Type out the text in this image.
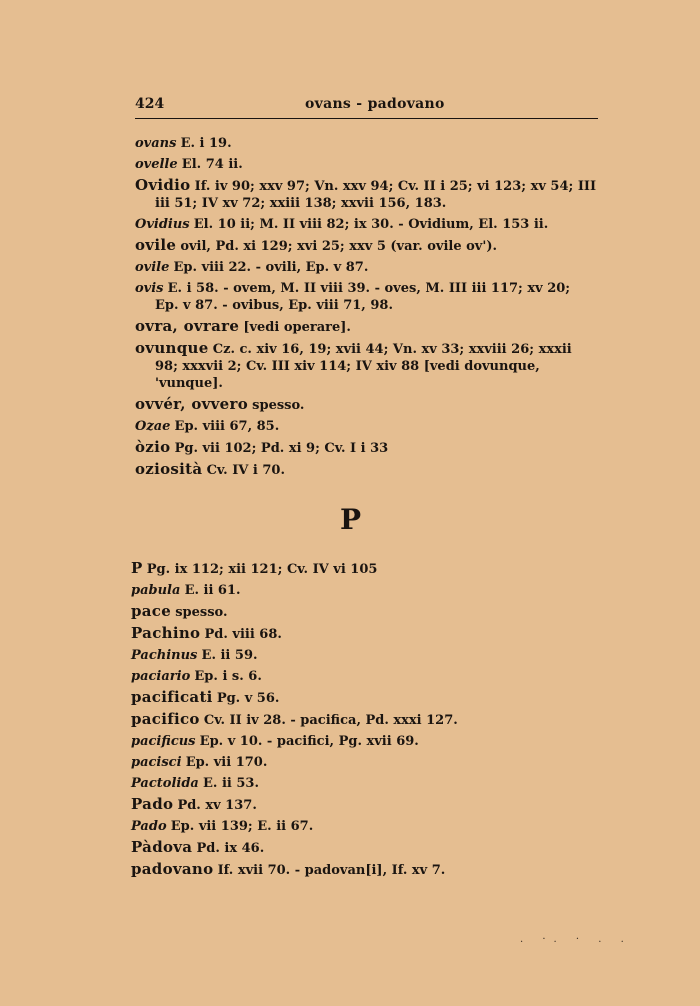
424	ovans - padovano
ovans E. i 19.
ovelle El. 74 ii.
Ovidio If. iv 90; xxv 97; Vn. xxv 94; Cv. II i 25; vi 123; xv 54; III iii 51; IV xv 72; xxiii 138; xxvii 156, 183.
Ovidius El. 10 ii; M. II viii 82; ix 30. - Ovidium, El. 153 ii.
ovile ovil, Pd. xi 129; xvi 25; xxv 5 (var. ovile ov').
ovile Ep. viii 22. - ovili, Ep. v 87.
ovis E. i 58. - ovem, M. II viii 39. - oves, M. III iii 117; xv 20; Ep. v 87. - ovibus, Ep. viii 71, 98.
ovra, ovrare [vedi operare].
ovunque Cz. c. xiv 16, 19; xvii 44; Vn. xv 33; xxviii 26; xxxii 98; xxxvii 2; Cv. III xiv 114; IV xiv 88 [vedi dovunque, 'vunque].
ovvér, ovvero spesso.
Ozae Ep. viii 67, 85.
òzio Pg. vii 102; Pd. xi 9; Cv. I i 33
oziosità Cv. IV i 70.
P
P Pg. ix 112; xii 121; Cv. IV vi 105
pabula E. ii 61.
pace spesso.
Pachino Pd. viii 68.
Pachinus E. ii 59.
paciario Ep. i s. 6.
pacificati Pg. v 56.
pacifico Cv. II iv 28. - pacifica, Pd. xxxi 127.
pacificus Ep. v 10. - pacifici, Pg. xvii 69.
pacisci Ep. vii 170.
Pactolida E. ii 53.
Pado Pd. xv 137.
Pado Ep. vii 139; E. ii 67.
Pàdova Pd. ix 46.
padovano If. xvii 70. - padovan[i], If. xv 7.
. ·. · . .
